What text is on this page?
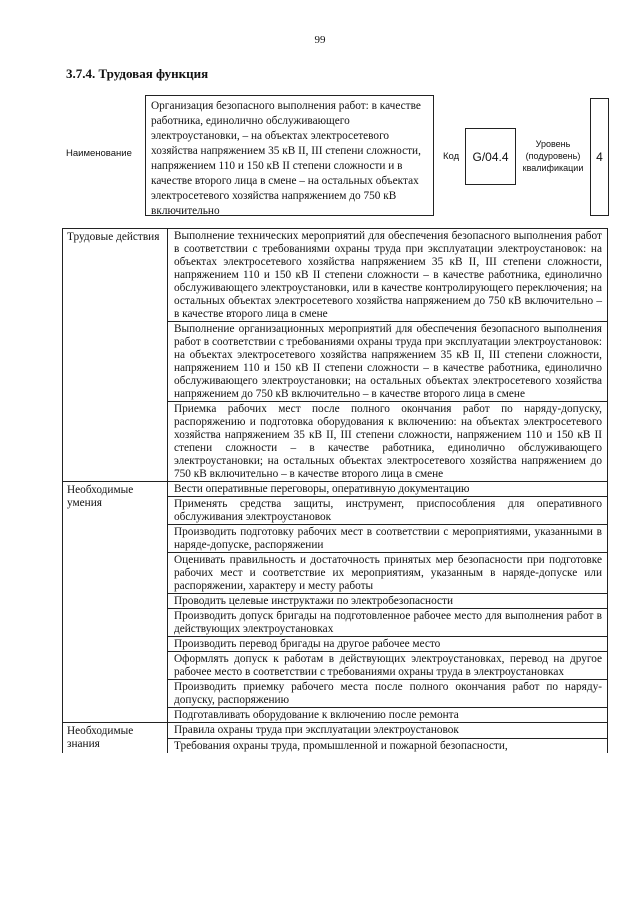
99
3.7.4. Трудовая функция
Наименование
Организация безопасного выполнения работ: в качестве работника, единолично обслуживающего электроустановки, – на объектах электросетевого хозяйства напряжением 35 кВ II, III степени сложности, напряжением 110 и 150 кВ II степени сложности и в качестве второго лица в смене – на остальных объектах электросетевого хозяйства напряжением до 750 кВ включительно
Код	G/04.4
Уровень (подуровень) квалификации
4
Трудовые действия	Выполнение технических мероприятий для обеспечения безопасного выполнения работ в соответствии с требованиями охраны труда при эксплуатации электроустановок: на объектах электросетевого хозяйства напряжением 35 кВ II, III степени сложности, напряжением 110 и 150 кВ II степени сложности – в качестве работника, единолично обслуживающего электроустановки, или в качестве контролирующего переключения; на остальных объектах электросетевого хозяйства напряжением до 750 кВ включительно – в качестве второго лица в смене
	Выполнение организационных мероприятий для обеспечения безопасного выполнения работ в соответствии с требованиями охраны труда при эксплуатации электроустановок: на объектах электросетевого хозяйства напряжением 35 кВ II, III степени сложности, напряжением 110 и 150 кВ II степени сложности – в качестве работника, единолично обслуживающего электроустановки; на остальных объектах электросетевого хозяйства напряжением до 750 кВ включительно – в качестве второго лица в смене
	Приемка рабочих мест после полного окончания работ по наряду-допуску, распоряжению и подготовка оборудования к включению: на объектах электросетевого хозяйства напряжением 35 кВ II, III степени сложности, напряжением 110 и 150 кВ II степени сложности – в качестве работника, единолично обслуживающего электроустановки; на остальных объектах электросетевого хозяйства напряжением до 750 кВ включительно – в качестве второго лица в смене
Необходимые умения	Вести оперативные переговоры, оперативную документацию
	Применять средства защиты, инструмент, приспособления для оперативного обслуживания электроустановок
	Производить подготовку рабочих мест в соответствии с мероприятиями, указанными в наряде-допуске, распоряжении
	Оценивать правильность и достаточность принятых мер безопасности при подготовке рабочих мест и соответствие их мероприятиям, указанным в наряде-допуске или распоряжении, характеру и месту работы
	Проводить целевые инструктажи по электробезопасности
	Производить допуск бригады на подготовленное рабочее место для выполнения работ в действующих электроустановках
	Производить перевод бригады на другое рабочее место
	Оформлять допуск к работам в действующих электроустановках, перевод на другое рабочее место в соответствии с требованиями охраны труда в электроустановках
	Производить приемку рабочего места после полного окончания работ по наряду-допуску, распоряжению
	Подготавливать оборудование к включению после ремонта
Необходимые знания	Правила охраны труда при эксплуатации электроустановок
	Требования охраны труда, промышленной и пожарной безопасности,
